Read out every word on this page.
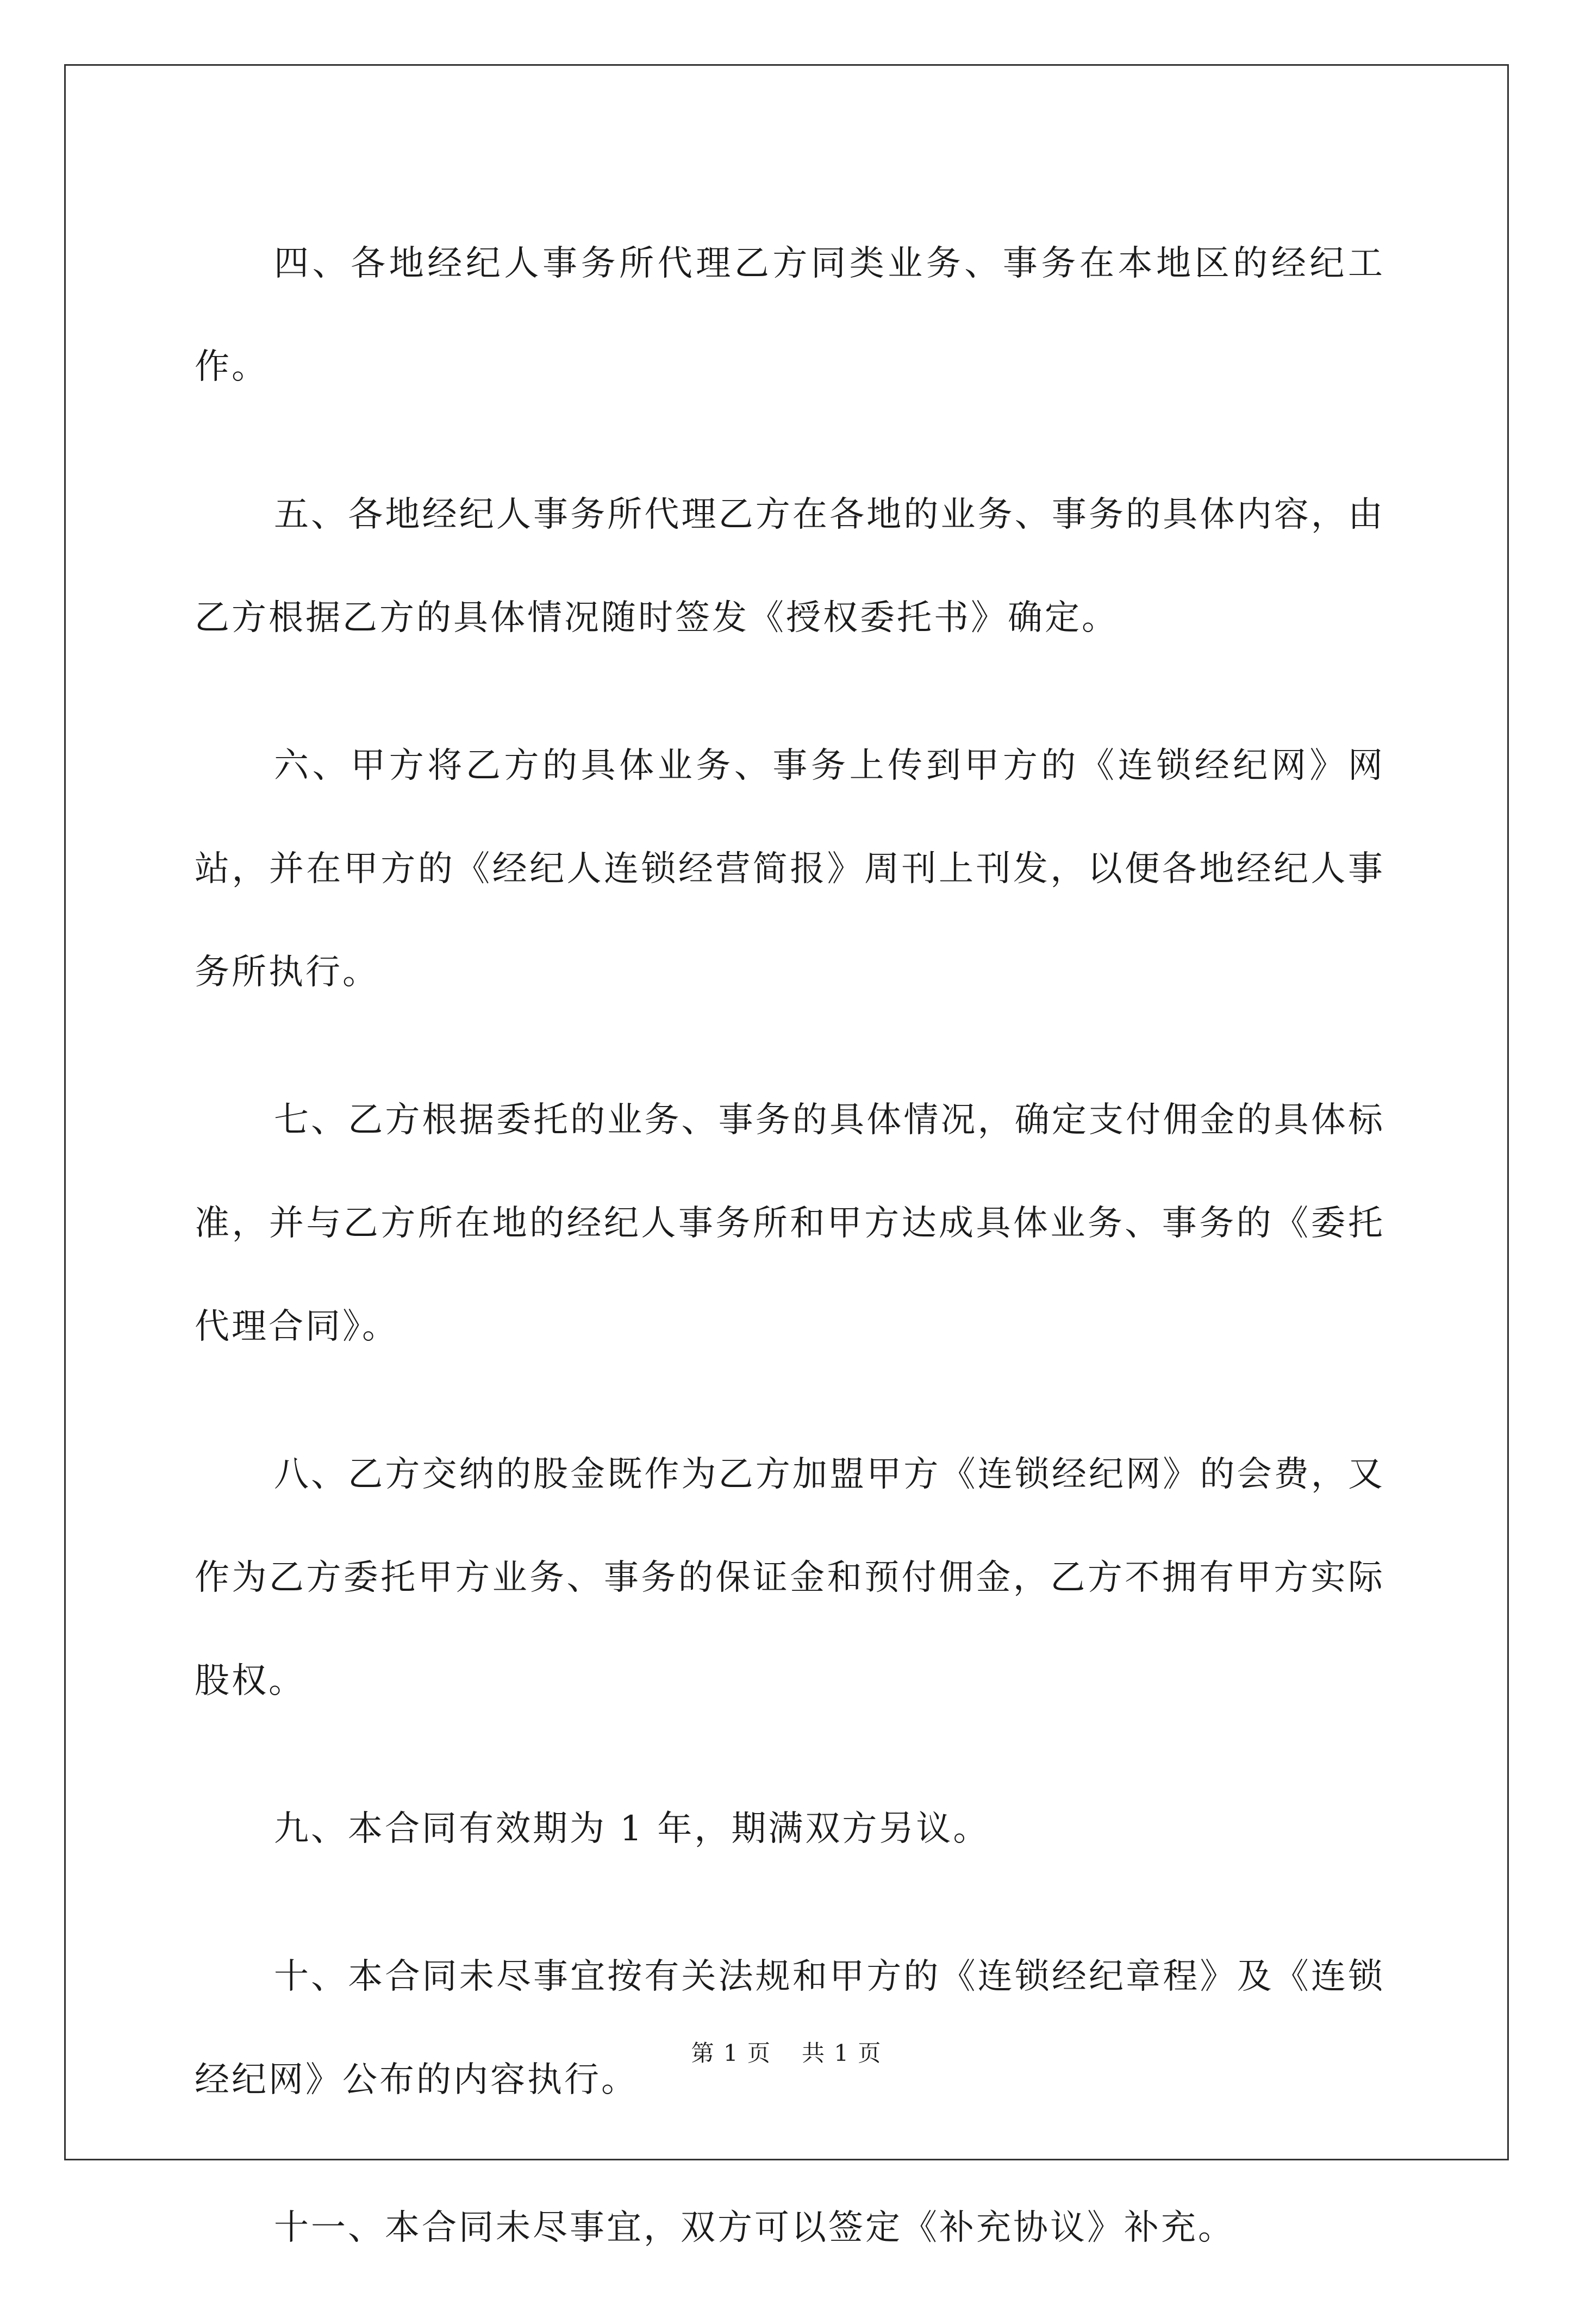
四、各地经纪人事务所代理乙方同类业务、事务在本地区的经纪工作。

五、各地经纪人事务所代理乙方在各地的业务、事务的具体内容，由乙方根据乙方的具体情况随时签发《授权委托书》确定。

六、甲方将乙方的具体业务、事务上传到甲方的《连锁经纪网》网站，并在甲方的《经纪人连锁经营简报》周刊上刊发，以便各地经纪人事务所执行。

七、乙方根据委托的业务、事务的具体情况，确定支付佣金的具体标准，并与乙方所在地的经纪人事务所和甲方达成具体业务、事务的《委托代理合同》。

八、乙方交纳的股金既作为乙方加盟甲方《连锁经纪网》的会费，又作为乙方委托甲方业务、事务的保证金和预付佣金，乙方不拥有甲方实际股权。

九、本合同有效期为 1 年，期满双方另议。

十、本合同未尽事宜按有关法规和甲方的《连锁经纪章程》及《连锁经纪网》公布的内容执行。

十一、本合同未尽事宜，双方可以签定《补充协议》补充。

第 1 页 共 1 页
